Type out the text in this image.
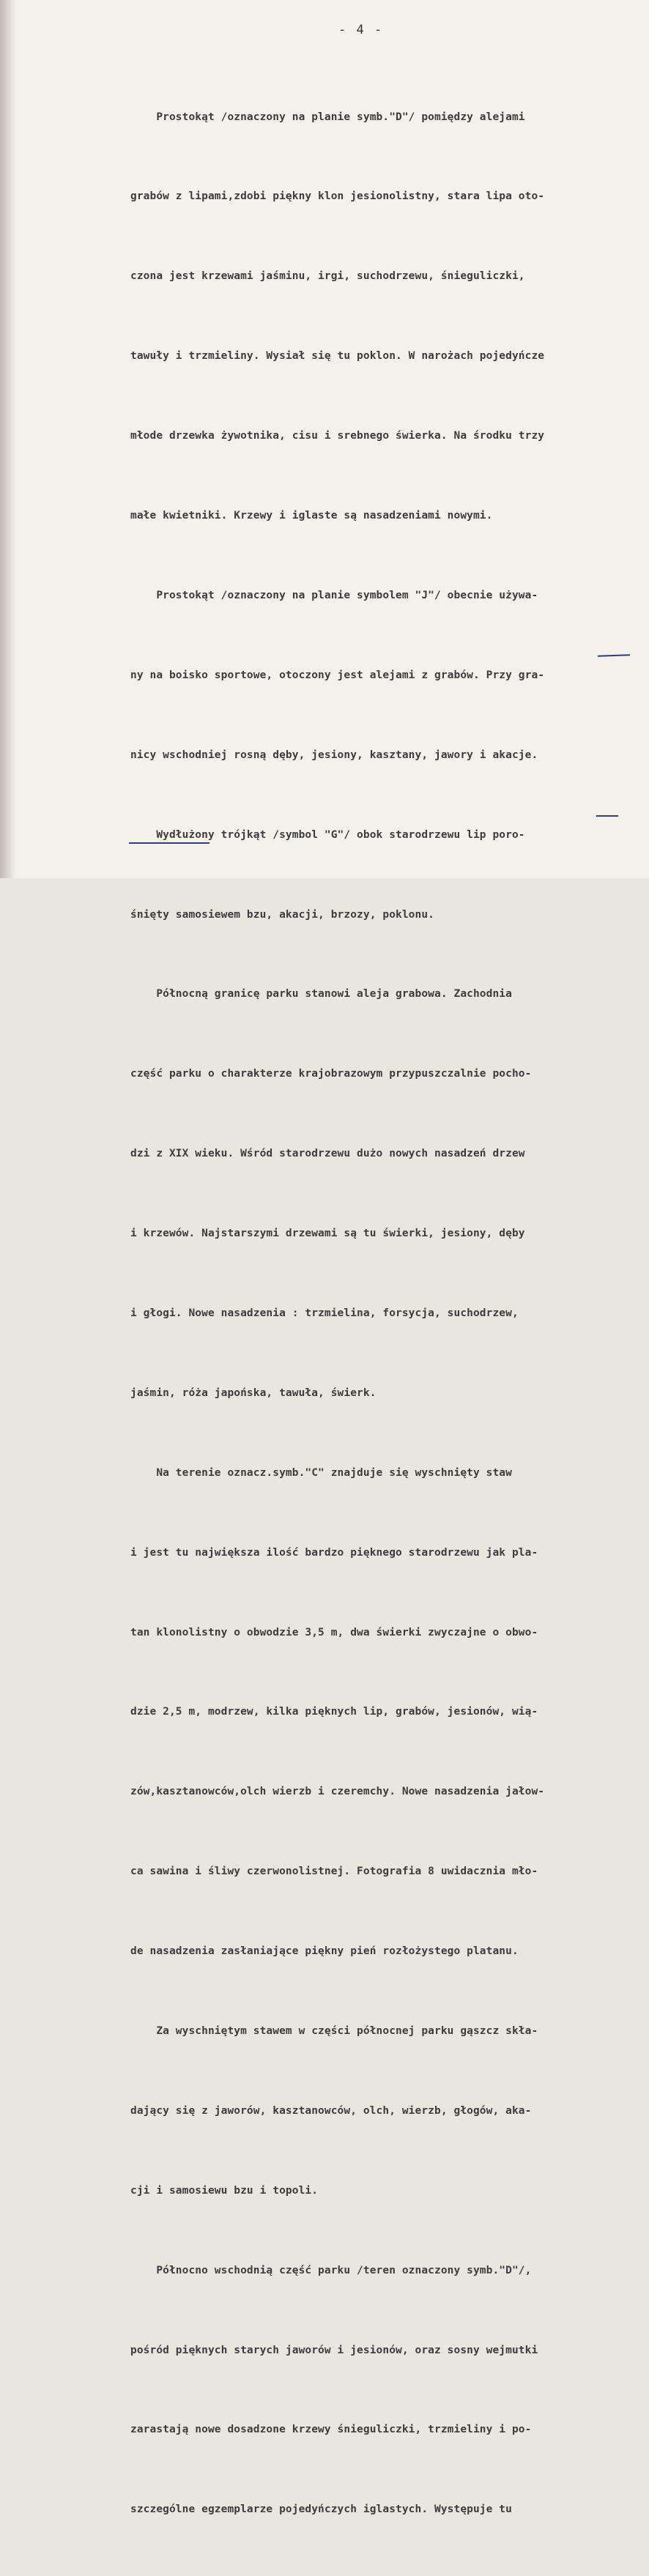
- 4 -

Prostokąt /oznaczony na planie symb."D"/ pomiędzy alejami

grabów z lipami,zdobi piękny klon jesionolistny, stara lipa oto-

czona jest krzewami jaśminu, irgi, suchodrzewu, śnieguliczki,

tawuły i trzmieliny. Wysiał się tu poklon. W narożach pojedyńcze

młode drzewka żywotnika, cisu i srebnego świerka. Na środku trzy

małe kwietniki. Krzewy i iglaste są nasadzeniami nowymi.

Prostokąt /oznaczony na planie symbolem "J"/ obecnie używa-

ny na boisko sportowe, otoczony jest alejami z grabów. Przy gra-

nicy wschodniej rosną dęby, jesiony, kasztany, jawory i akacje.

Wydłużony trójkąt /symbol "G"/ obok starodrzewu lip poro-

śnięty samosiewem bzu, akacji, brzozy, poklonu.

Północną granicę parku stanowi aleja grabowa. Zachodnia

część parku o charakterze krajobrazowym przypuszczalnie pocho-

dzi z XIX wieku. Wśród starodrzewu dużo nowych nasadzeń drzew

i krzewów. Najstarszymi drzewami są tu świerki, jesiony, dęby

i głogi. Nowe nasadzenia : trzmielina, forsycja, suchodrzew,

jaśmin, róża japońska, tawuła, świerk.

Na terenie oznacz.symb."C" znajduje się wyschnięty staw

i jest tu największa ilość bardzo pięknego starodrzewu jak pla-

tan klonolistny o obwodzie 3,5 m, dwa świerki zwyczajne o obwo-

dzie 2,5 m, modrzew, kilka pięknych lip, grabów, jesionów, wią-

zów,kasztanowców,olch wierzb i czeremchy. Nowe nasadzenia jałow-

ca sawina i śliwy czerwonolistnej. Fotografia 8 uwidacznia mło-

de nasadzenia zasłaniające piękny pień rozłożystego platanu.

Za wyschniętym stawem w części północnej parku gąszcz skła-

dający się z jaworów, kasztanowców, olch, wierzb, głogów, aka-

cji i samosiewu bzu i topoli.

Północno wschodnią część parku /teren oznaczony symb."D"/,

pośród pięknych starych jaworów i jesionów, oraz sosny wejmutki

zarastają nowe dosadzone krzewy śnieguliczki, trzmieliny i po-

szczególne egzemplarze pojedyńczych iglastych. Występuje tu
